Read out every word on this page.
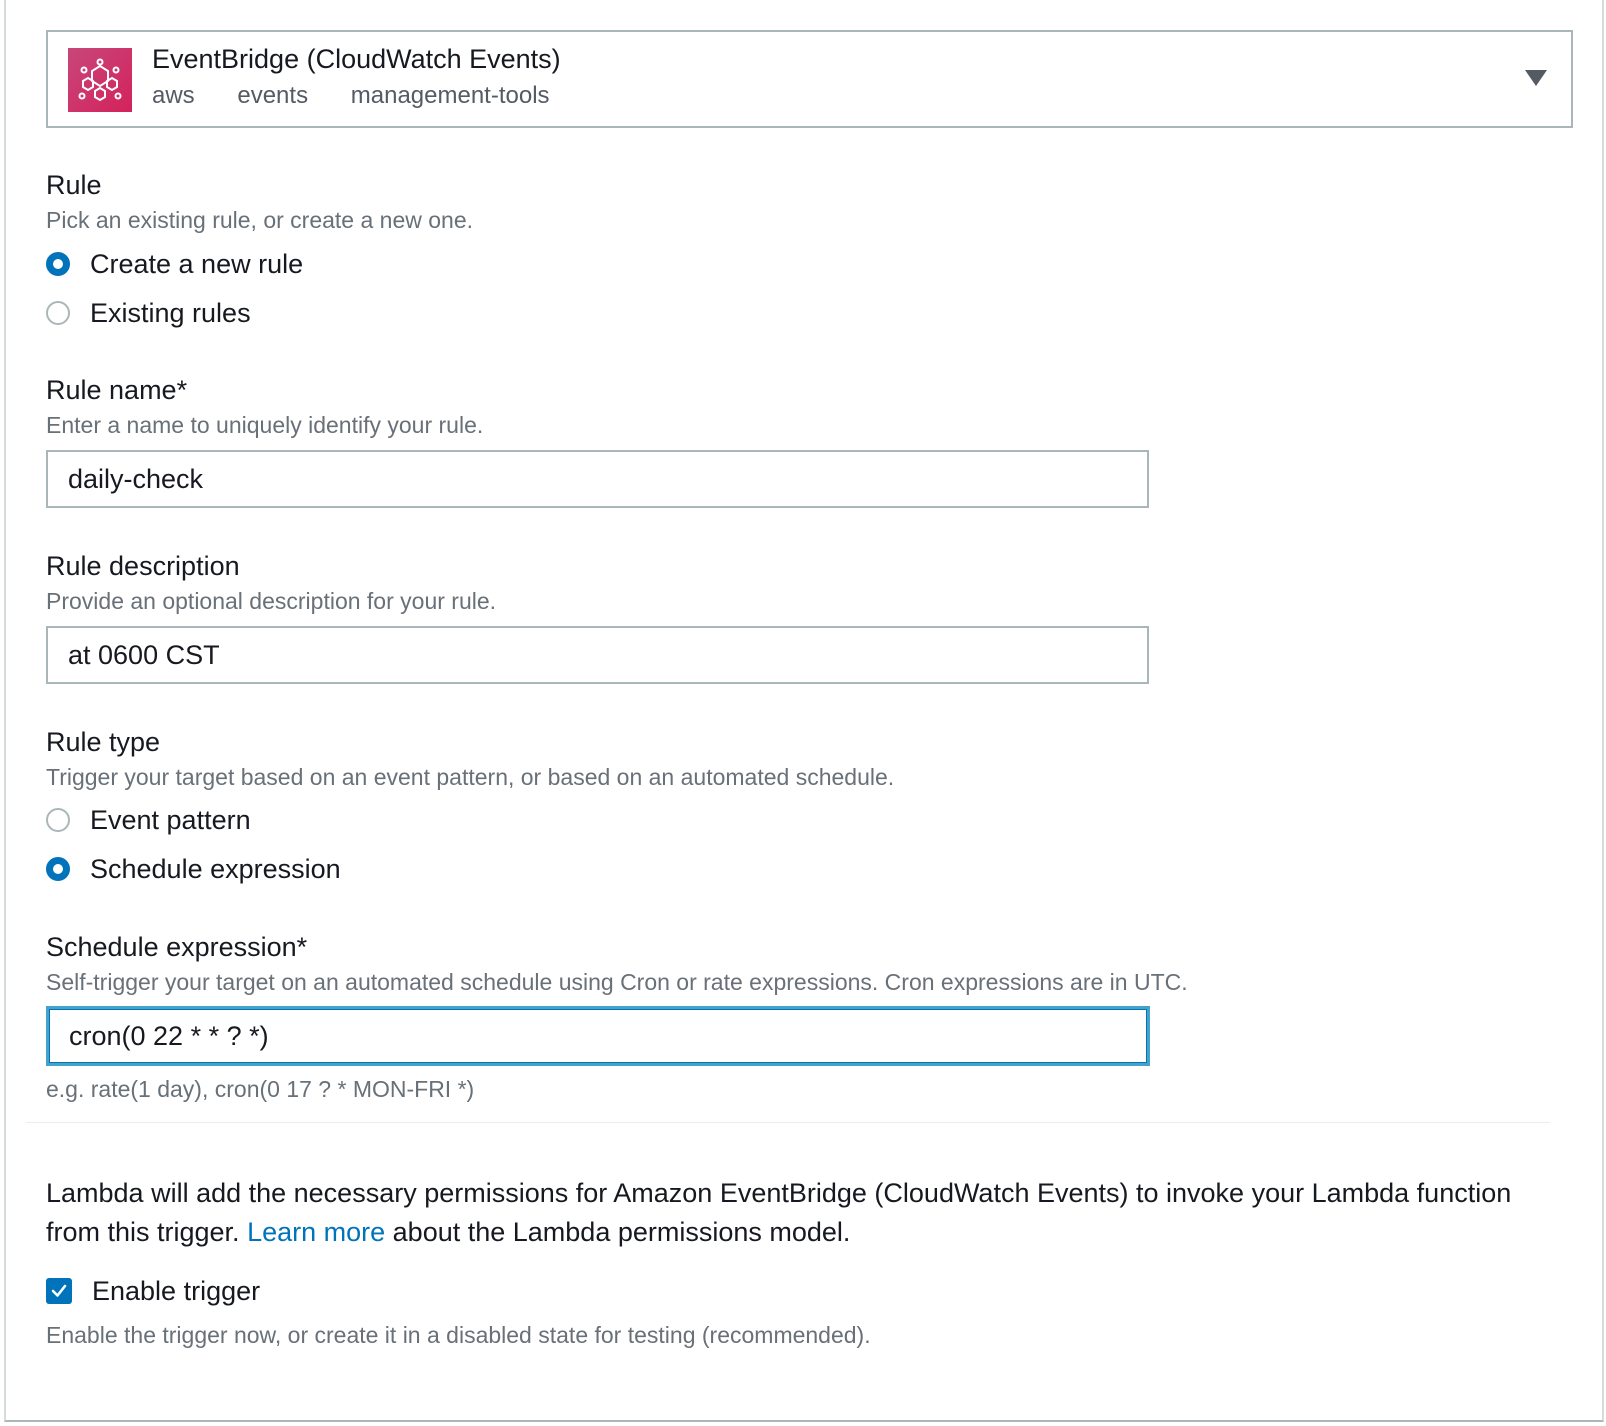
EventBridge (CloudWatch Events)
aws events management-tools
Rule
Pick an existing rule, or create a new one.
Create a new rule
Existing rules
Rule name*
Enter a name to uniquely identify your rule.
daily-check
Rule description
Provide an optional description for your rule.
at 0600 CST
Rule type
Trigger your target based on an event pattern, or based on an automated schedule.
Event pattern
Schedule expression
Schedule expression*
Self-trigger your target on an automated schedule using Cron or rate expressions. Cron expressions are in UTC.
cron(0 22 * * ? *)
e.g. rate(1 day), cron(0 17 ? * MON-FRI *)
Lambda will add the necessary permissions for Amazon EventBridge (CloudWatch Events) to invoke your Lambda function from this trigger. Learn more about the Lambda permissions model.
Enable trigger
Enable the trigger now, or create it in a disabled state for testing (recommended).
